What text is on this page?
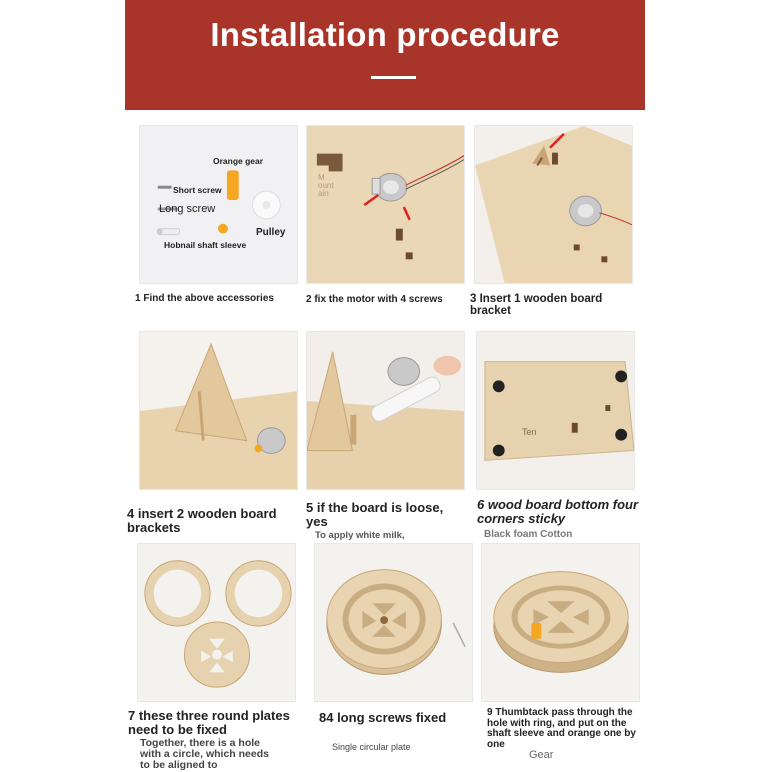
Installation procedure
Orange gear
Short screw
Long screw
Pulley
Hobnail shaft sleeve
M ount ain
1 Find the above accessories	2 fix the motor with 4 screws	3 Insert 1 wooden board bracket
Ten
4 insert 2 wooden board brackets
5 if the board is loose, yes
To apply white milk,
6 wood board bottom four corners sticky
Black foam Cotton
7 these three round plates need to be fixed
Together, there is a hole with a circle, which needs to be aligned to
84 long screws fixed
Single circular plate
9 Thumbtack pass through the hole with ring, and put on the shaft sleeve and orange one by one
Gear
